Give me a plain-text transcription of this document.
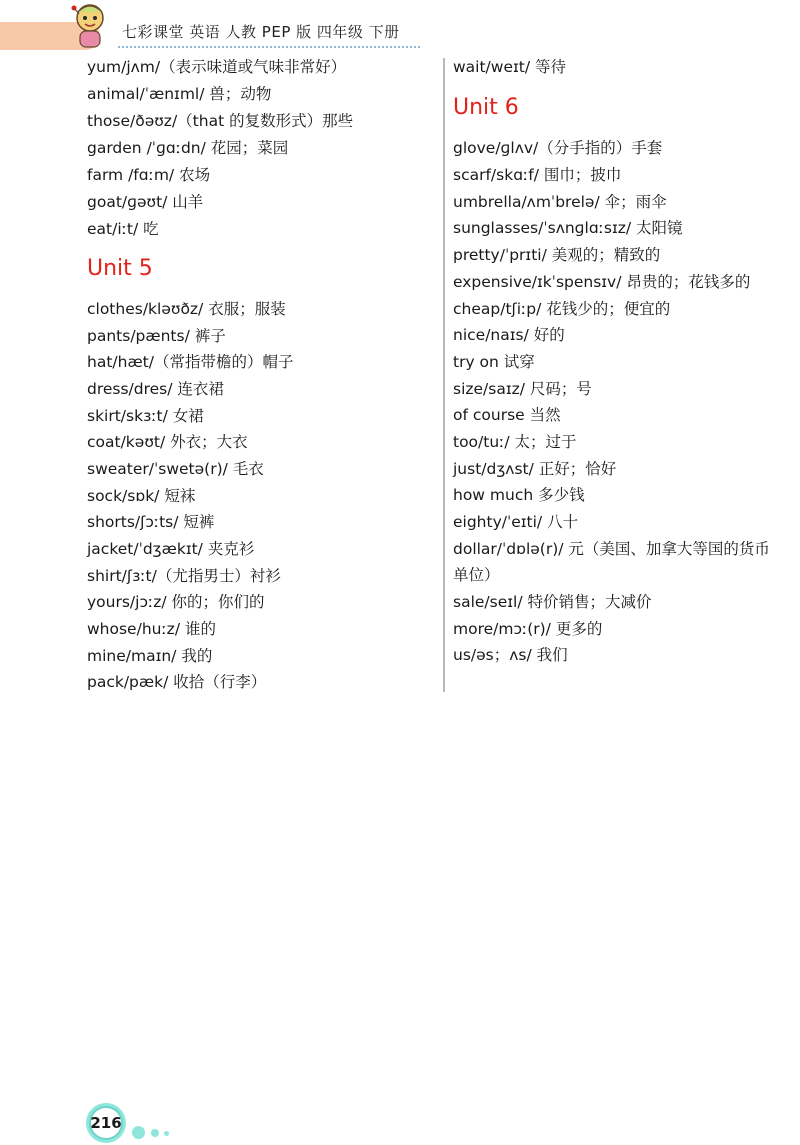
七彩课堂 英语 人教 PEP 版 四年级 下册
yum/jʌm/（表示味道或气味非常好）
animal/ˈænɪml/ 兽；动物
those/ðəʊz/（that 的复数形式）那些
garden /ˈɡɑːdn/ 花园；菜园
farm /fɑːm/ 农场
goat/ɡəʊt/ 山羊
eat/iːt/ 吃
Unit 5
clothes/kləʊðz/ 衣服；服装
pants/pænts/ 裤子
hat/hæt/（常指带檐的）帽子
dress/dres/ 连衣裙
skirt/skɜːt/ 女裙
coat/kəʊt/ 外衣；大衣
sweater/ˈswetə(r)/ 毛衣
sock/sɒk/ 短袜
shorts/ʃɔːts/ 短裤
jacket/ˈdʒækɪt/ 夹克衫
shirt/ʃɜːt/（尤指男士）衬衫
yours/jɔːz/ 你的；你们的
whose/huːz/ 谁的
mine/maɪn/ 我的
pack/pæk/ 收拾（行李）
wait/weɪt/ 等待
Unit 6
glove/ɡlʌv/（分手指的）手套
scarf/skɑːf/ 围巾；披巾
umbrella/ʌmˈbrelə/ 伞；雨伞
sunglasses/ˈsʌnɡlɑːsɪz/ 太阳镜
pretty/ˈprɪti/ 美观的；精致的
expensive/ɪkˈspensɪv/ 昂贵的；花钱多的
cheap/tʃiːp/ 花钱少的；便宜的
nice/naɪs/ 好的
try on 试穿
size/saɪz/ 尺码；号
of course 当然
too/tuː/ 太；过于
just/dʒʌst/ 正好；恰好
how much 多少钱
eighty/ˈeɪti/ 八十
dollar/ˈdɒlə(r)/ 元（美国、加拿大等国的货币
单位）
sale/seɪl/ 特价销售；大减价
more/mɔː(r)/ 更多的
us/əs；ʌs/ 我们
216
